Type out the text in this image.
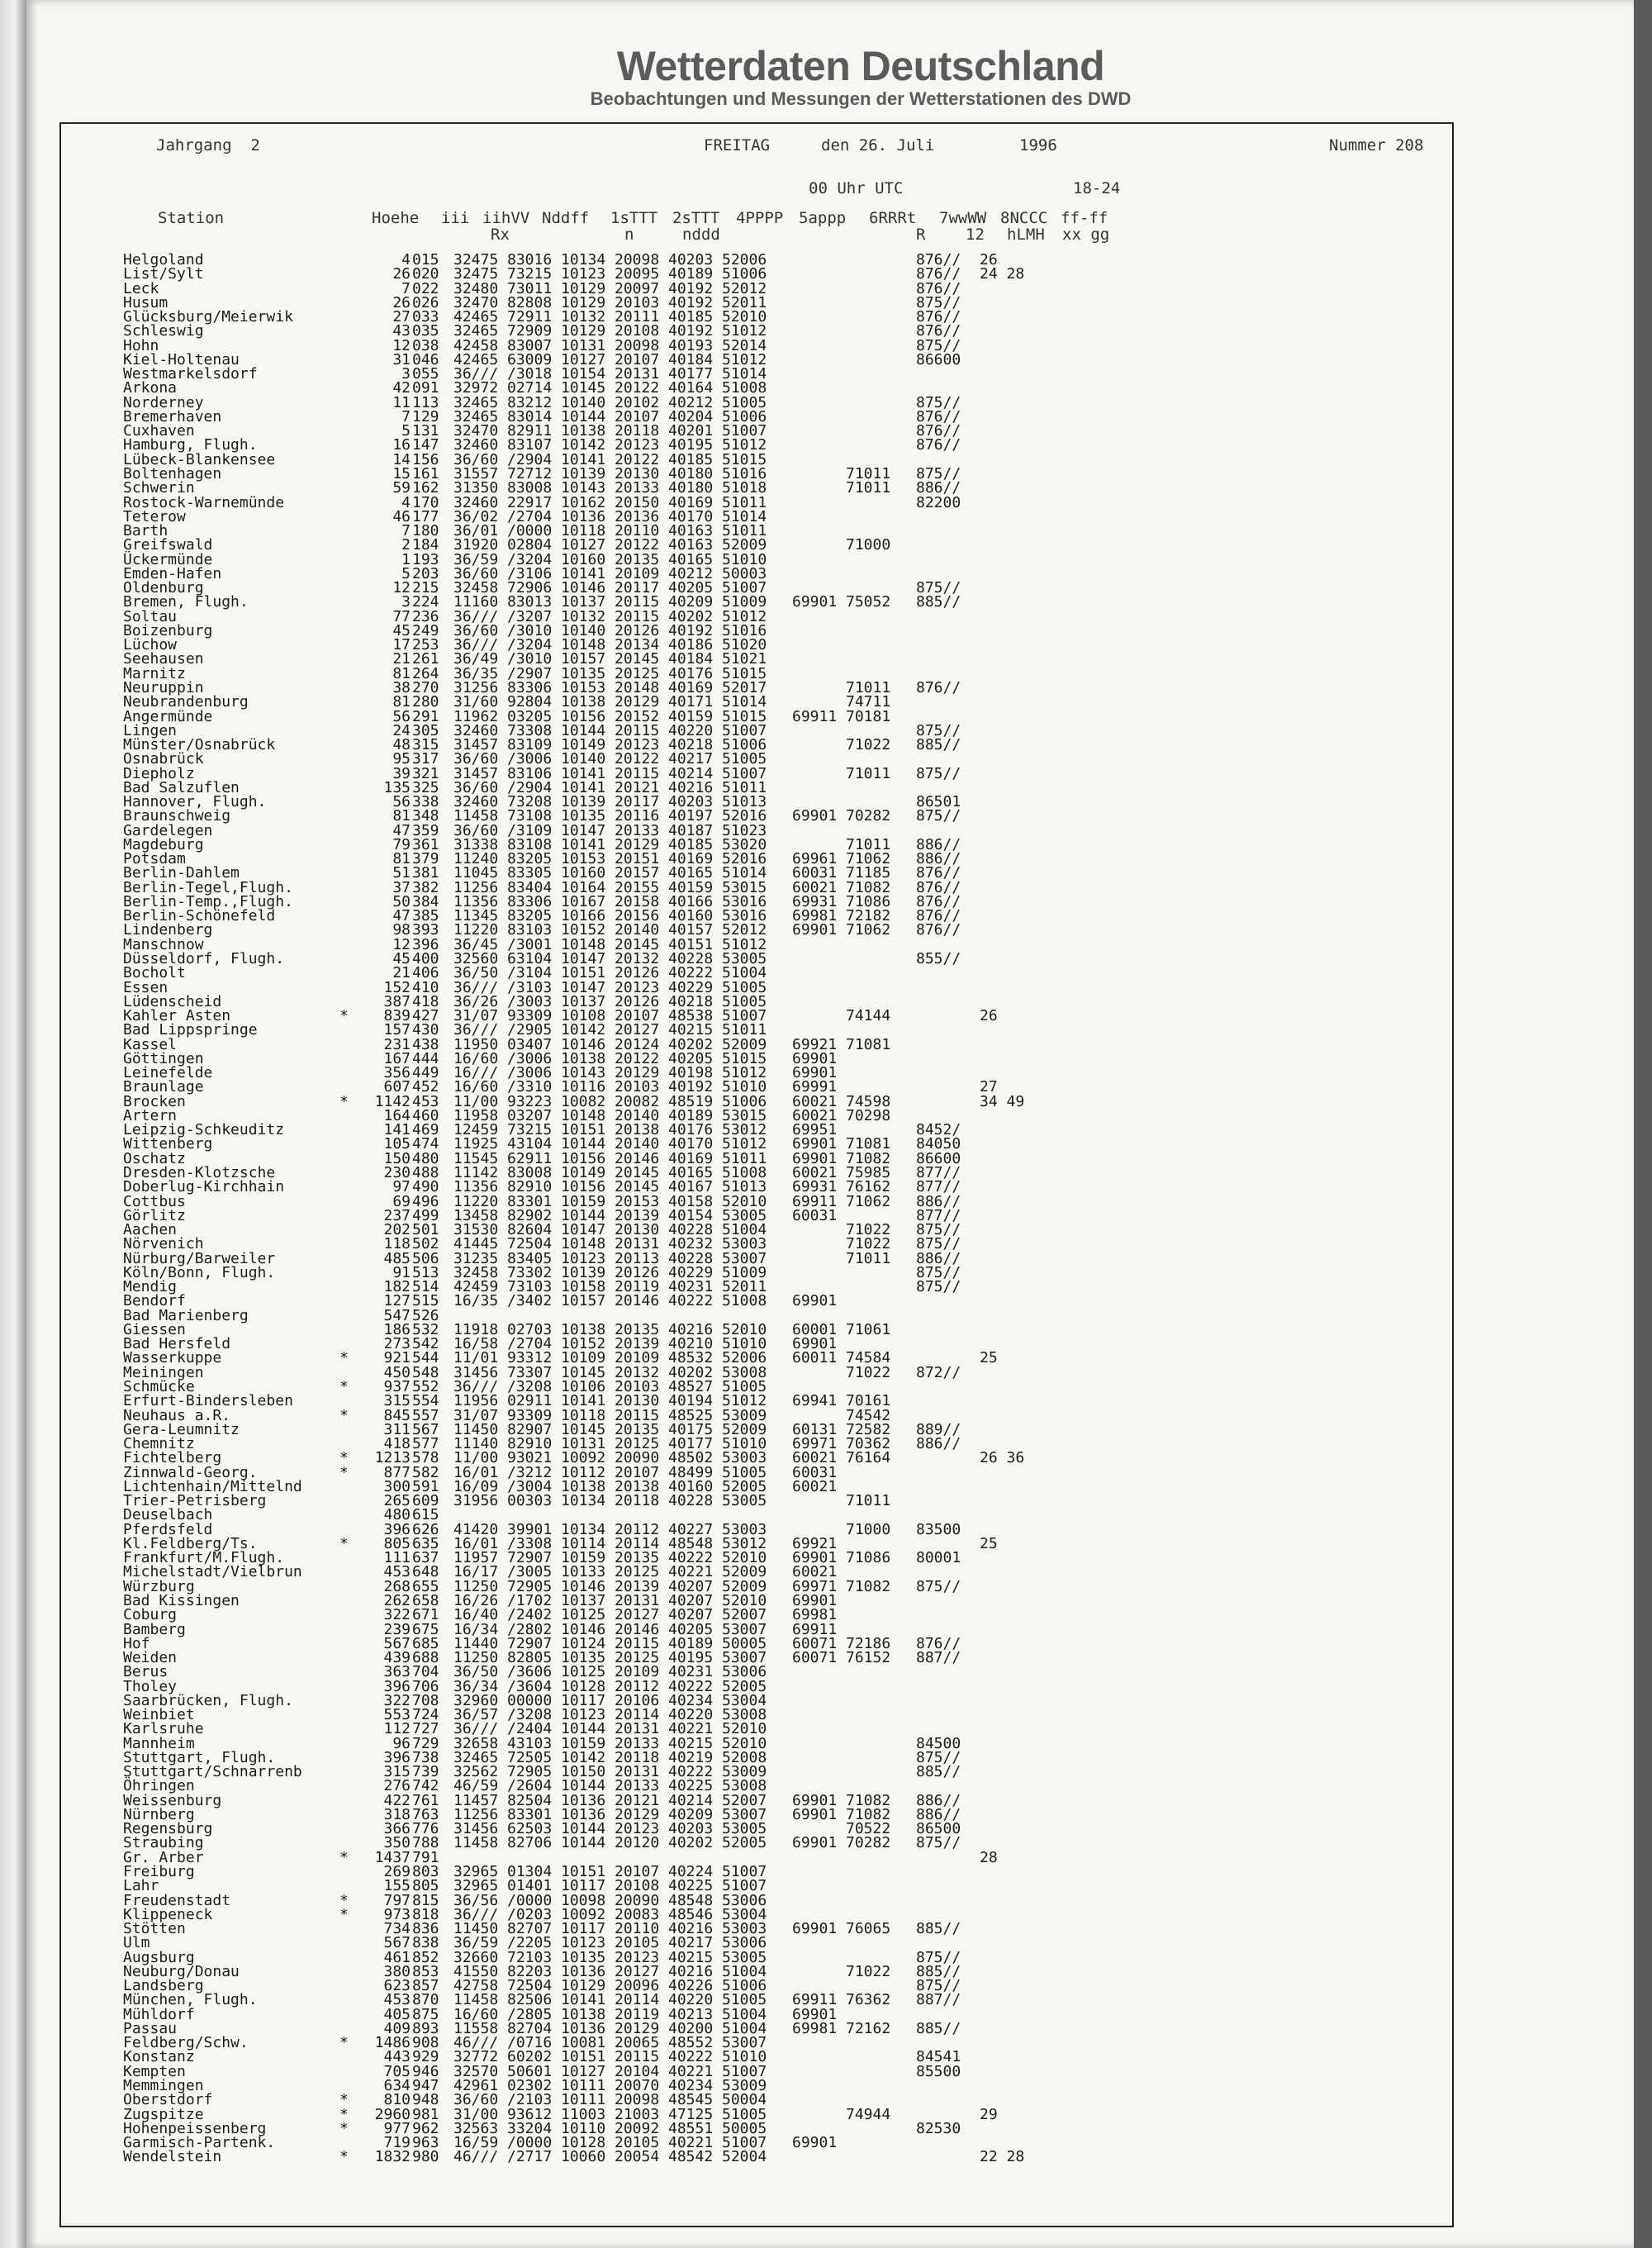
Wetterdaten Deutschland
Beobachtungen und Messungen der Wetterstationen des DWD
Jahrgang  2	FREITAG	den 26. Juli	1996	Nummer 208
00 Uhr UTC	18-24
Station	Hoehe iii iihVV Nddff 1sTTT 2sTTT 4PPPP 5appp 6RRRt 7wwWW 8NCCC ff-ff
Rx	n	nddd	R	12 hLMH xx gg
Helgoland	4 015 32475 83016 10134 20098 40203 52006	876// 26
List/Sylt	26 020 32475 73215 10123 20095 40189 51006	876// 24 28
Leck	7 022 32480 73011 10129 20097 40192 52012	876//
Husum	26 026 32470 82808 10129 20103 40192 52011	875//
Glücksburg/Meierwik	27 033 42465 72911 10132 20111 40185 52010	876//
Schleswig	43 035 32465 72909 10129 20108 40192 51012	876//
Hohn	12 038 42458 83007 10131 20098 40193 52014	875//
Kiel-Holtenau	31 046 42465 63009 10127 20107 40184 51012	86600
Westmarkelsdorf	3 055 36/// /3018 10154 20131 40177 51014
Arkona	42 091 32972 02714 10145 20122 40164 51008
Norderney	11 113 32465 83212 10140 20102 40212 51005	875//
Bremerhaven	7 129 32465 83014 10144 20107 40204 51006	876//
Cuxhaven	5 131 32470 82911 10138 20118 40201 51007	876//
Hamburg, Flugh.	16 147 32460 83107 10142 20123 40195 51012	876//
Lübeck-Blankensee	14 156 36/60 /2904 10141 20122 40185 51015
Boltenhagen	15 161 31557 72712 10139 20130 40180 51016	71011 875//
Schwerin	59 162 31350 83008 10143 20133 40180 51018	71011 886//
Rostock-Warnemünde	4 170 32460 22917 10162 20150 40169 51011	82200
Teterow	46 177 36/02 /2704 10136 20136 40170 51014
Barth	7 180 36/01 /0000 10118 20110 40163 51011
Greifswald	2 184 31920 02804 10127 20122 40163 52009	71000
Ückermünde	1 193 36/59 /3204 10160 20135 40165 51010
Emden-Hafen	5 203 36/60 /3106 10141 20109 40212 50003
Oldenburg	12 215 32458 72906 10146 20117 40205 51007	875//
Bremen, Flugh.	3 224 11160 83013 10137 20115 40209 51009 69901 75052 885//
Soltau	77 236 36/// /3207 10132 20115 40202 51012
Boizenburg	45 249 36/60 /3010 10140 20126 40192 51016
Lüchow	17 253 36/// /3204 10148 20134 40186 51020
Seehausen	21 261 36/49 /3010 10157 20145 40184 51021
Marnitz	81 264 36/35 /2907 10135 20125 40176 51015
Neuruppin	38 270 31256 83306 10153 20148 40169 52017	71011 876//
Neubrandenburg	81 280 31/60 92804 10138 20129 40171 51014	74711
Angermünde	56 291 11962 03205 10156 20152 40159 51015 69911 70181
Lingen	24 305 32460 73308 10144 20115 40220 51007	875//
Münster/Osnabrück	48 315 31457 83109 10149 20123 40218 51006	71022 885//
Osnabrück	95 317 36/60 /3006 10140 20122 40217 51005
Diepholz	39 321 31457 83106 10141 20115 40214 51007	71011 875//
Bad Salzuflen	135 325 36/60 /2904 10141 20121 40216 51011
Hannover, Flugh.	56 338 32460 73208 10139 20117 40203 51013	86501
Braunschweig	81 348 11458 73108 10135 20116 40197 52016 69901 70282 875//
Gardelegen	47 359 36/60 /3109 10147 20133 40187 51023
Magdeburg	79 361 31338 83108 10141 20129 40185 53020	71011 886//
Potsdam	81 379 11240 83205 10153 20151 40169 52016 69961 71062 886//
Berlin-Dahlem	51 381 11045 83305 10160 20157 40165 51014 60031 71185 876//
Berlin-Tegel,Flugh.	37 382 11256 83404 10164 20155 40159 53015 60021 71082 876//
Berlin-Temp.,Flugh.	50 384 11356 83306 10167 20158 40166 53016 69931 71086 876//
Berlin-Schönefeld	47 385 11345 83205 10166 20156 40160 53016 69981 72182 876//
Lindenberg	98 393 11220 83103 10152 20140 40157 52012 69901 71062 876//
Manschnow	12 396 36/45 /3001 10148 20145 40151 51012
Düsseldorf, Flugh.	45 400 32560 63104 10147 20132 40228 53005	855//
Bocholt	21 406 36/50 /3104 10151 20126 40222 51004
Essen	152 410 36/// /3103 10147 20123 40229 51005
Lüdenscheid	387 418 36/26 /3003 10137 20126 40218 51005
Kahler Asten	*	839 427 31/07 93309 10108 20107 48538 51007	74144	26
Bad Lippspringe	157 430 36/// /2905 10142 20127 40215 51011
Kassel	231 438 11950 03407 10146 20124 40202 52009 69921 71081
Göttingen	167 444 16/60 /3006 10138 20122 40205 51015 69901
Leinefelde	356 449 16/// /3006 10143 20129 40198 51012 69901
Braunlage	607 452 16/60 /3310 10116 20103 40192 51010 69991	27
Brocken	*	1142 453 11/00 93223 10082 20082 48519 51006 60021 74598	34 49
Artern	164 460 11958 03207 10148 20140 40189 53015 60021 70298
Leipzig-Schkeuditz	141 469 12459 73215 10151 20138 40176 53012 69951	8452/
Wittenberg	105 474 11925 43104 10144 20140 40170 51012 69901 71081 84050
Oschatz	150 480 11545 62911 10156 20146 40169 51011 69901 71082 86600
Dresden-Klotzsche	230 488 11142 83008 10149 20145 40165 51008 60021 75985 877//
Doberlug-Kirchhain	97 490 11356 82910 10156 20145 40167 51013 69931 76162 877//
Cottbus	69 496 11220 83301 10159 20153 40158 52010 69911 71062 886//
Görlitz	237 499 13458 82902 10144 20139 40154 53005 60031	877//
Aachen	202 501 31530 82604 10147 20130 40228 51004	71022 875//
Nörvenich	118 502 41445 72504 10148 20131 40232 53003	71022 875//
Nürburg/Barweiler	485 506 31235 83405 10123 20113 40228 53007	71011 886//
Köln/Bonn, Flugh.	91 513 32458 73302 10139 20126 40229 51009	875//
Mendig	182 514 42459 73103 10158 20119 40231 52011	875//
Bendorf	127 515 16/35 /3402 10157 20146 40222 51008 69901
Bad Marienberg	547 526
Giessen	186 532 11918 02703 10138 20135 40216 52010 60001 71061
Bad Hersfeld	273 542 16/58 /2704 10152 20139 40210 51010 69901
Wasserkuppe	*	921 544 11/01 93312 10109 20109 48532 52006 60011 74584	25
Meiningen	450 548 31456 73307 10145 20132 40202 53008	71022 872//
Schmücke	*	937 552 36/// /3208 10106 20103 48527 51005
Erfurt-Bindersleben	315 554 11956 02911 10141 20130 40194 51012 69941 70161
Neuhaus a.R.	*	845 557 31/07 93309 10118 20115 48525 53009	74542
Gera-Leumnitz	311 567 11450 82907 10145 20135 40175 52009 60131 72582 889//
Chemnitz	418 577 11140 82910 10131 20125 40177 51010 69971 70362 886//
Fichtelberg	*	1213 578 11/00 93021 10092 20090 48502 53003 60021 76164	26 36
Zinnwald-Georg.	*	877 582 16/01 /3212 10112 20107 48499 51005 60031
Lichtenhain/Mittelnd	300 591 16/09 /3004 10138 20138 40160 52005 60021
Trier-Petrisberg	265 609 31956 00303 10134 20118 40228 53005	71011
Deuselbach	480 615
Pferdsfeld	396 626 41420 39901 10134 20112 40227 53003	71000 83500
Kl.Feldberg/Ts.	*	805 635 16/01 /3308 10114 20114 48548 53012 69921	25
Frankfurt/M.Flugh.	111 637 11957 72907 10159 20135 40222 52010 69901 71086 80001
Michelstadt/Vielbrun	453 648 16/17 /3005 10133 20125 40221 52009 60021
Würzburg	268 655 11250 72905 10146 20139 40207 52009 69971 71082 875//
Bad Kissingen	262 658 16/26 /1702 10137 20131 40207 52010 69901
Coburg	322 671 16/40 /2402 10125 20127 40207 52007 69981
Bamberg	239 675 16/34 /2802 10146 20146 40205 53007 69911
Hof	567 685 11440 72907 10124 20115 40189 50005 60071 72186 876//
Weiden	439 688 11250 82805 10135 20125 40195 53007 60071 76152 887//
Berus	363 704 36/50 /3606 10125 20109 40231 53006
Tholey	396 706 36/34 /3604 10128 20112 40222 52005
Saarbrücken, Flugh.	322 708 32960 00000 10117 20106 40234 53004
Weinbiet	553 724 36/57 /3208 10123 20114 40220 53008
Karlsruhe	112 727 36/// /2404 10144 20131 40221 52010
Mannheim	96 729 32658 43103 10159 20133 40215 52010	84500
Stuttgart, Flugh.	396 738 32465 72505 10142 20118 40219 52008	875//
Stuttgart/Schnarrenb	315 739 32562 72905 10150 20131 40222 53009	885//
Öhringen	276 742 46/59 /2604 10144 20133 40225 53008
Weissenburg	422 761 11457 82504 10136 20121 40214 52007 69901 71082 886//
Nürnberg	318 763 11256 83301 10136 20129 40209 53007 69901 71082 886//
Regensburg	366 776 31456 62503 10144 20123 40203 53005	70522 86500
Straubing	350 788 11458 82706 10144 20120 40202 52005 69901 70282 875//
Gr. Arber	*	1437 791	28
Freiburg	269 803 32965 01304 10151 20107 40224 51007
Lahr	155 805 32965 01401 10117 20108 40225 51007
Freudenstadt	*	797 815 36/56 /0000 10098 20090 48548 53006
Klippeneck	*	973 818 36/// /0203 10092 20083 48546 53004
Stötten	734 836 11450 82707 10117 20110 40216 53003 69901 76065 885//
Ulm	567 838 36/59 /2205 10123 20105 40217 53006
Augsburg	461 852 32660 72103 10135 20123 40215 53005	875//
Neuburg/Donau	380 853 41550 82203 10136 20127 40216 51004	71022 885//
Landsberg	623 857 42758 72504 10129 20096 40226 51006	875//
München, Flugh.	453 870 11458 82506 10141 20114 40220 51005 69911 76362 887//
Mühldorf	405 875 16/60 /2805 10138 20119 40213 51004 69901
Passau	409 893 11558 82704 10136 20129 40200 51004 69981 72162 885//
Feldberg/Schw.	*	1486 908 46/// /0716 10081 20065 48552 53007
Konstanz	443 929 32772 60202 10151 20115 40222 51010	84541
Kempten	705 946 32570 50601 10127 20104 40221 51007	85500
Memmingen	634 947 42961 02302 10111 20070 40234 53009
Oberstdorf	*	810 948 36/60 /2103 10111 20098 48545 50004
Zugspitze	*	2960 981 31/00 93612 11003 21003 47125 51005	74944	29
Hohenpeissenberg	*	977 962 32563 33204 10110 20092 48551 50005	82530
Garmisch-Partenk.	719 963 16/59 /0000 10128 20105 40221 51007 69901
Wendelstein	*	1832 980 46/// /2717 10060 20054 48542 52004	22 28
